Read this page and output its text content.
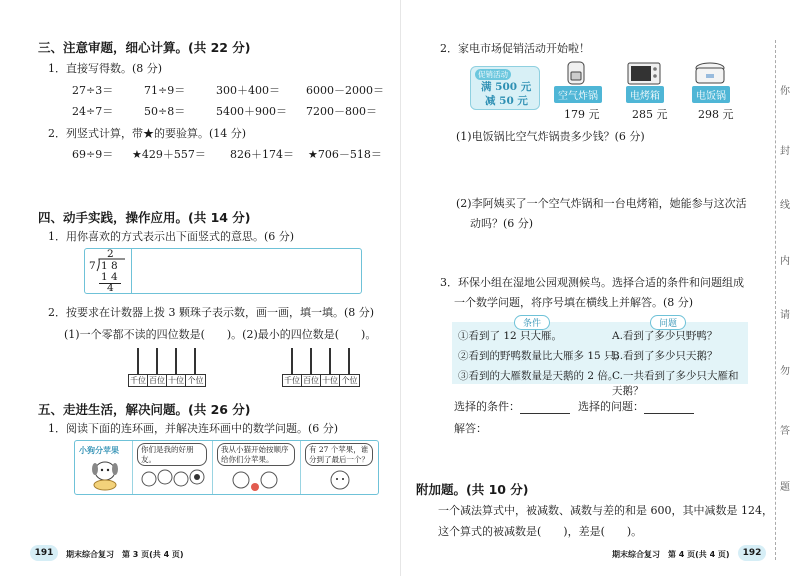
三、注意审题，细心计算。(共 22 分)
1．直接写得数。(8 分)
27÷3＝	71÷9＝	300＋400＝	6000－2000＝
24÷7＝	50÷8＝	5400＋900＝	7200－800＝
2．列竖式计算，带★的要验算。(14 分)
69÷9＝	★429＋557＝	826＋174＝	★706－518＝
四、动手实践，操作应用。(共 14 分)
1．用你喜欢的方式表示出下面竖式的意思。(6 分)
2
7 1 8
1 4
4
2．按要求在计数器上拨 3 颗珠子表示数，画一画，填一填。(8 分)
(1)一个零都不读的四位数是(　　)。(2)最小的四位数是(　　)。
千位 百位 十位 个位	千位 百位 十位 个位
五、走进生活，解决问题。(共 26 分)
1．阅读下面的连环画，并解决连环画中的数学问题。(6 分)
小狗分苹果	你们是我的好朋友。
我从小猫开始按顺序给你们分苹果。
有 27 个苹果，谁分到了最后一个？
191	期末综合复习　第 3 页(共 4 页)
2．家电市场促销活动开始啦！
促销活动
满 500 元
减 50 元	空气炸锅	电烤箱	电饭锅
179 元	285 元	298 元
(1)电饭锅比空气炸锅贵多少钱？(6 分)
(2)李阿姨买了一个空气炸锅和一台电烤箱，她能参与这次活
动吗？(6 分)
3．环保小组在湿地公园观测候鸟。选择合适的条件和问题组成
一个数学问题，将序号填在横线上并解答。(8 分)
①看到了 12 只大雁。
②看到的野鸭数量比大雁多 15 只。
③看到的大雁数量是天鹅的 2 倍。
A.看到了多少只野鸭？
B.看到了多少只天鹅？
C.一共看到了多少只大雁和天鹅？
条件	问题
选择的条件：	选择的问题：
解答：
附加题。(共 10 分)
一个减法算式中，被减数、减数与差的和是 600，其中减数是 124，
这个算式的被减数是(　　)，差是(　　)。
期末综合复习　第 4 页(共 4 页)	192
你
封
线
内
请
勿
答
题
